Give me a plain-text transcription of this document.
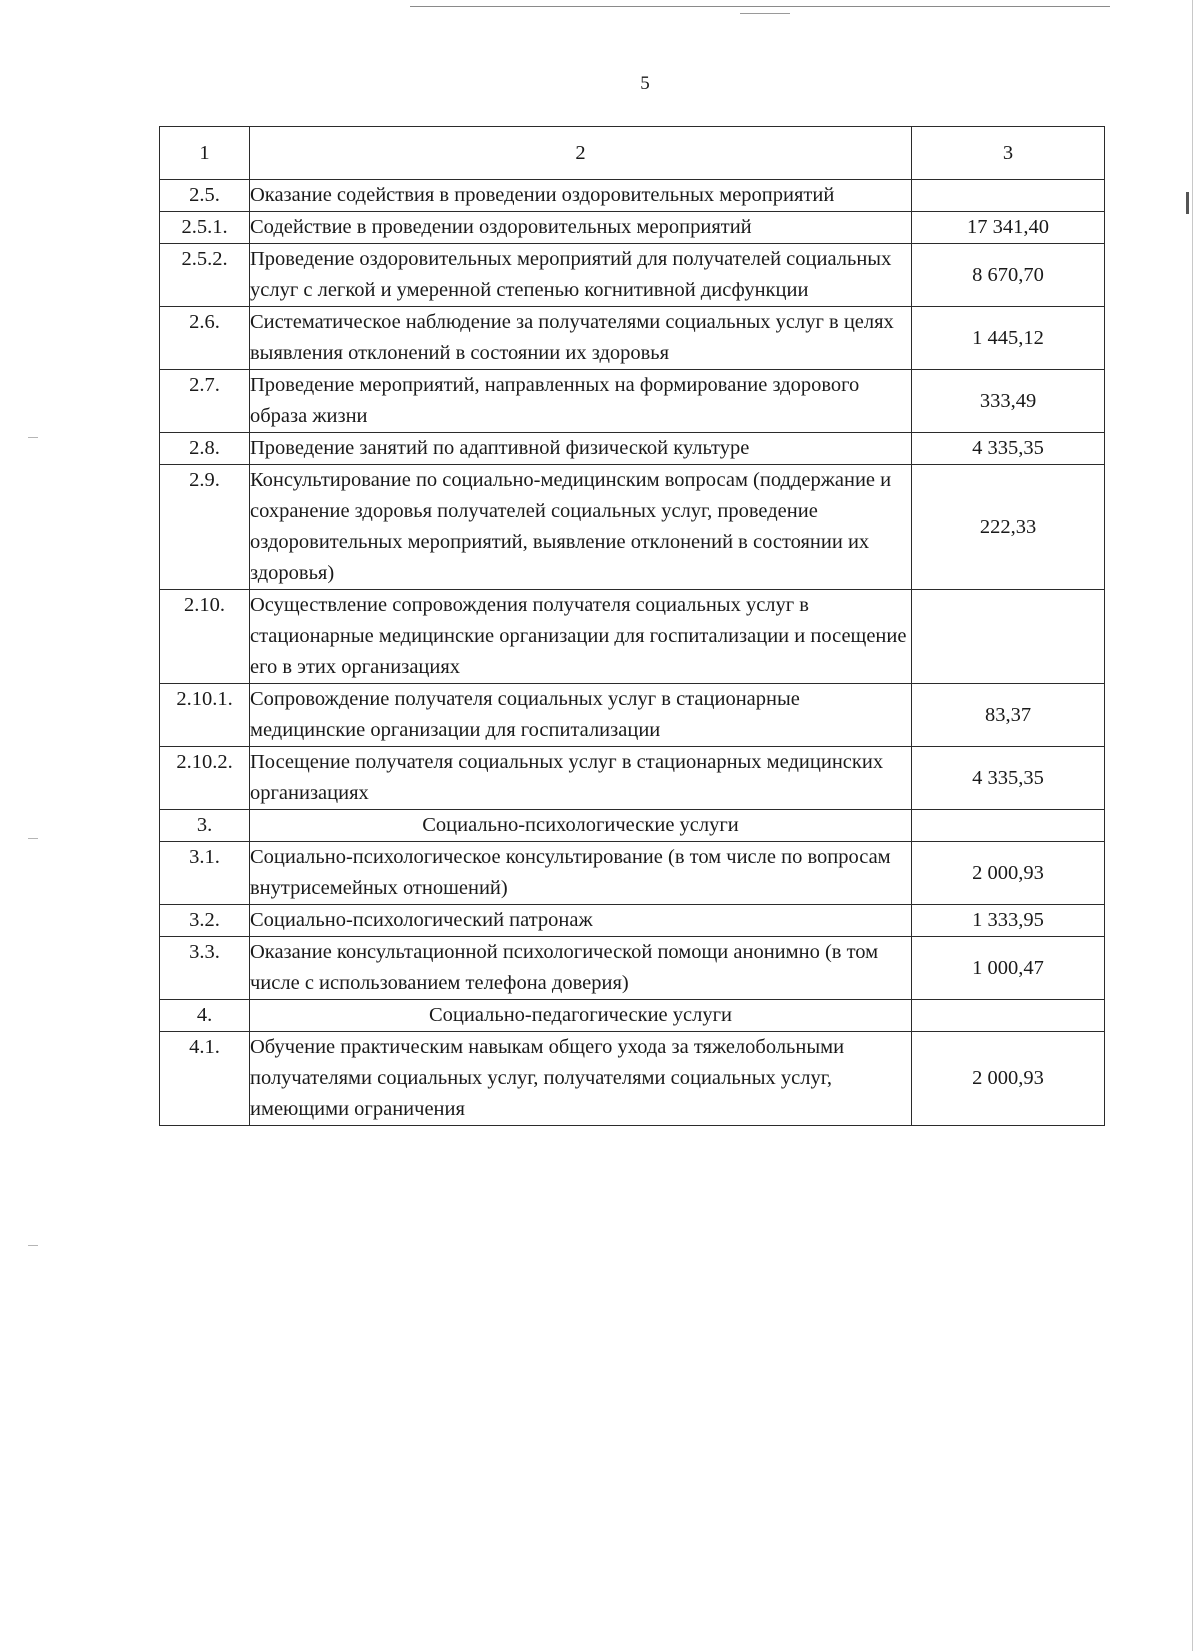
5
1	2	3
2.5.	Оказание содействия в проведении оздоровительных мероприятий	
2.5.1.	Содействие в проведении оздоровительных мероприятий	17 341,40
2.5.2.	Проведение оздоровительных мероприятий для получателей социальных услуг с легкой и умеренной степенью когнитивной дисфункции	8 670,70
2.6.	Систематическое наблюдение за получателями социальных услуг в целях выявления отклонений в состоянии их здоровья	1 445,12
2.7.	Проведение мероприятий, направленных на формирование здорового образа жизни	333,49
2.8.	Проведение занятий по адаптивной физической культуре	4 335,35
2.9.	Консультирование по социально-медицинским вопросам (поддержание и сохранение здоровья получателей социальных услуг, проведение оздоровительных мероприятий, выявление отклонений в состоянии их здоровья)	222,33
2.10.	Осуществление сопровождения получателя социальных услуг в стационарные медицинские организации для госпитализации и посещение его в этих организациях	
2.10.1.	Сопровождение получателя социальных услуг в стационарные медицинские организации для госпитализации	83,37
2.10.2.	Посещение получателя социальных услуг в стационарных медицинских организациях	4 335,35
3.	Социально-психологические услуги	
3.1.	Социально-психологическое консультирование (в том числе по вопросам внутрисемейных отношений)	2 000,93
3.2.	Социально-психологический патронаж	1 333,95
3.3.	Оказание консультационной психологической помощи анонимно (в том числе с использованием телефона доверия)	1 000,47
4.	Социально-педагогические услуги	
4.1.	Обучение практическим навыкам общего ухода за тяжелобольными получателями социальных услуг, получателями социальных услуг, имеющими ограничения	2 000,93
